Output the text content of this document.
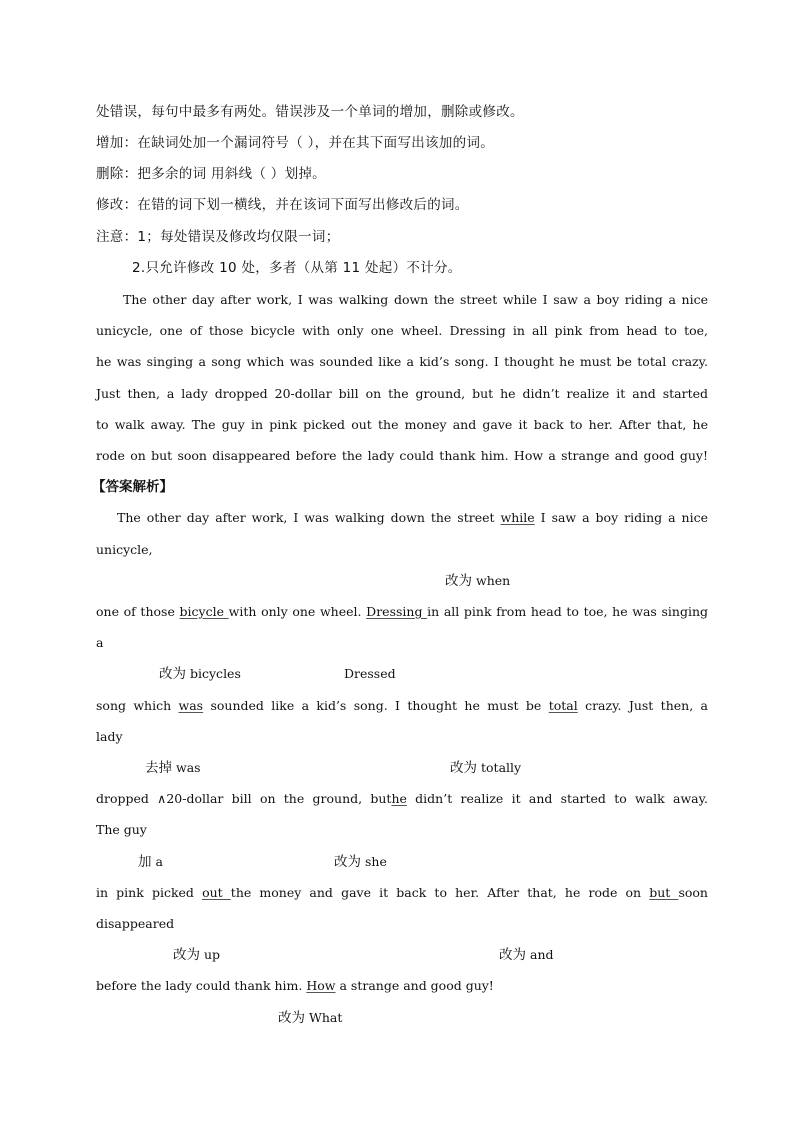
处错误，每句中最多有两处。错误涉及一个单词的增加，删除或修改。
增加：在缺词处加一个漏词符号（ ），并在其下面写出该加的词。
删除：把多余的词 用斜线（ ）划掉。
修改：在错的词下划一横线，并在该词下面写出修改后的词。
注意：1；每处错误及修改均仅限一词；
2.只允许修改 10 处，多者（从第 11 处起）不计分。
The other day after work, I was walking down the street while I saw a boy riding a nice
unicycle, one of those bicycle with only one wheel. Dressing in all pink from head to toe,
he was singing a song which was sounded like a kid’s song. I thought he must be total crazy.
Just then, a lady dropped 20-dollar bill on the ground, but he didn’t realize it and started
to walk away. The guy in pink picked out the money and gave it back to her. After that, he
rode on but soon disappeared before the lady could thank him. How a strange and good guy!
【答案解析】
The other day after work, I was walking down the street while I saw a boy riding a nice
unicycle,
改为 when
one of those bicycle with only one wheel. Dressing in all pink from head to toe, he was singing
a
改为 bicycles	Dressed
song which was sounded like a kid’s song. I thought he must be total crazy. Just then, a
lady
去掉 was	改为 totally
dropped ∧20-dollar bill on the ground, buthe didn’t realize it and started to walk away.
The guy
加 a	改为 she
in pink picked out the money and gave it back to her. After that, he rode on but soon
disappeared
改为 up	改为 and
before the lady could thank him. How a strange and good guy!
改为 What
